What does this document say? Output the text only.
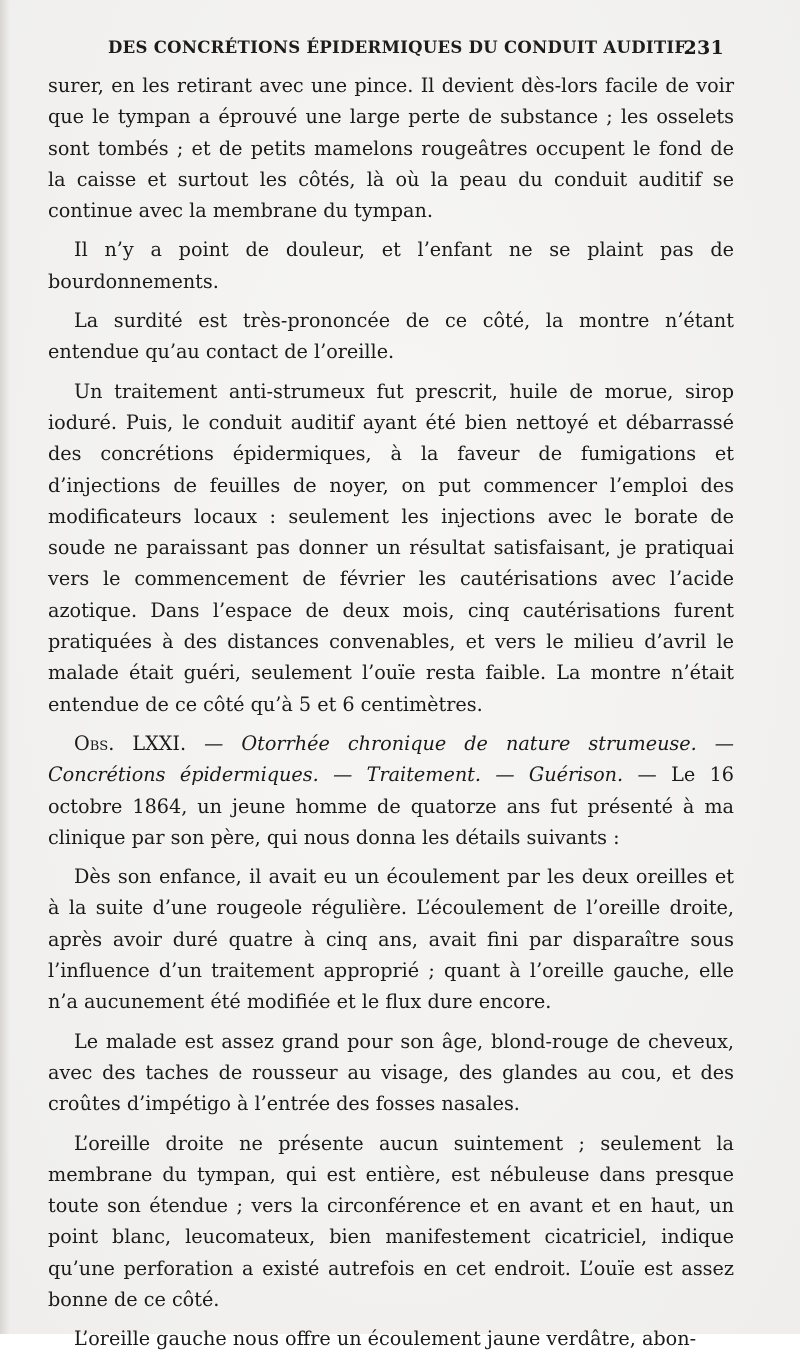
DES CONCRÉTIONS ÉPIDERMIQUES DU CONDUIT AUDITIF.
231

surer, en les retirant avec une pince. Il devient dès-lors facile de voir que le tympan a éprouvé une large perte de substance ; les osselets sont tombés ; et de petits mamelons rougeâtres occupent le fond de la caisse et surtout les côtés, là où la peau du conduit auditif se continue avec la membrane du tympan.

Il n’y a point de douleur, et l’enfant ne se plaint pas de bourdonnements.

La surdité est très-prononcée de ce côté, la montre n’étant entendue qu’au contact de l’oreille.

Un traitement anti-strumeux fut prescrit, huile de morue, sirop ioduré. Puis, le conduit auditif ayant été bien nettoyé et débarrassé des concrétions épidermiques, à la faveur de fumigations et d’injections de feuilles de noyer, on put commencer l’emploi des modificateurs locaux : seulement les injections avec le borate de soude ne paraissant pas donner un résultat satisfaisant, je pratiquai vers le commencement de février les cautérisations avec l’acide azotique. Dans l’espace de deux mois, cinq cautérisations furent pratiquées à des distances convenables, et vers le milieu d’avril le malade était guéri, seulement l’ouïe resta faible. La montre n’était entendue de ce côté qu’à 5 et 6 centimètres.

Obs. LXXI. — Otorrhée chronique de nature strumeuse. — Concrétions épidermiques. — Traitement. — Guérison. — Le 16 octobre 1864, un jeune homme de quatorze ans fut présenté à ma clinique par son père, qui nous donna les détails suivants :

Dès son enfance, il avait eu un écoulement par les deux oreilles et à la suite d’une rougeole régulière. L’écoulement de l’oreille droite, après avoir duré quatre à cinq ans, avait fini par disparaître sous l’influence d’un traitement approprié ; quant à l’oreille gauche, elle n’a aucunement été modifiée et le flux dure encore.

Le malade est assez grand pour son âge, blond-rouge de cheveux, avec des taches de rousseur au visage, des glandes au cou, et des croûtes d’impétigo à l’entrée des fosses nasales.

L’oreille droite ne présente aucun suintement ; seulement la membrane du tympan, qui est entière, est nébuleuse dans presque toute son étendue ; vers la circonférence et en avant et en haut, un point blanc, leucomateux, bien manifestement cicatriciel, indique qu’une perforation a existé autrefois en cet endroit. L’ouïe est assez bonne de ce côté.

L’oreille gauche nous offre un écoulement jaune verdâtre, abon-
